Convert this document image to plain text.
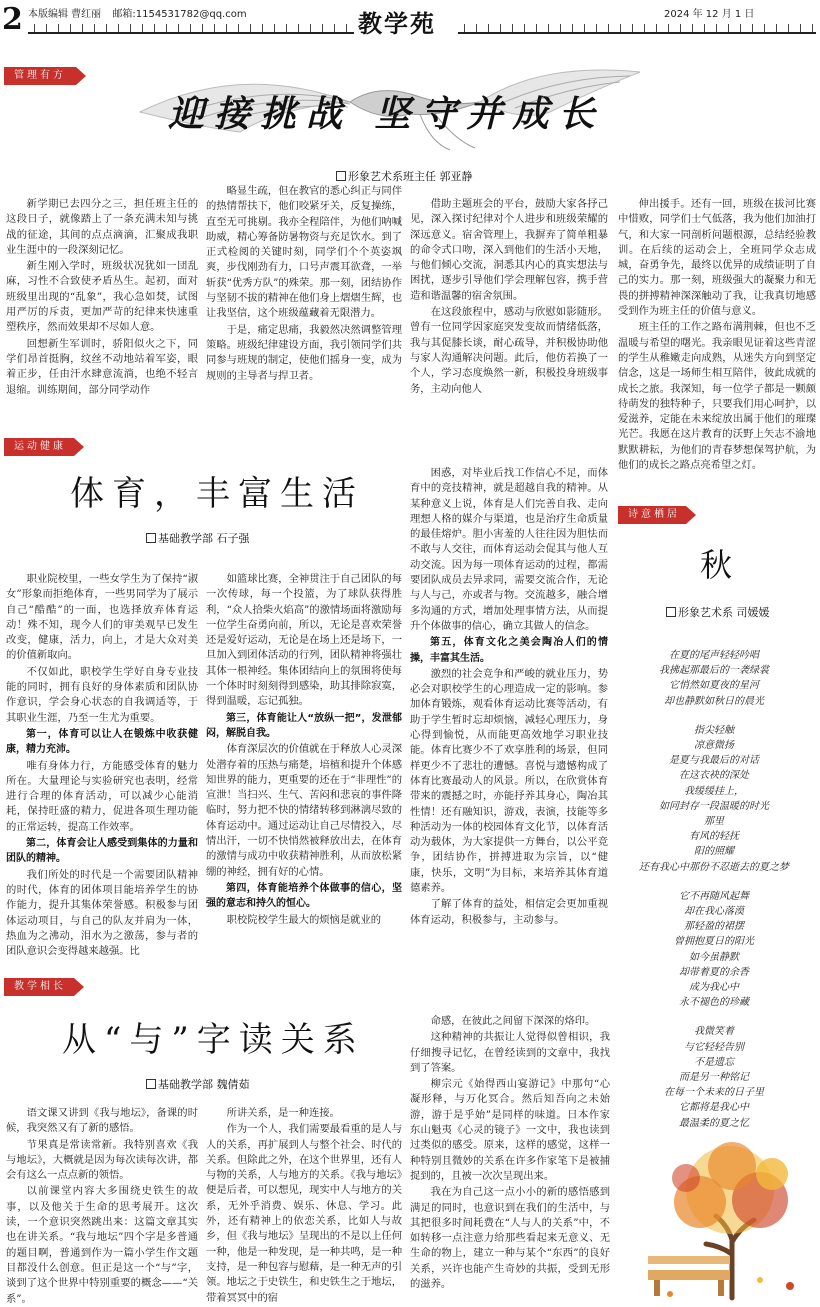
2 本版编辑 曹红丽 邮箱:1154531782@qq.com	教学苑	2024 年 12 月 1 日
管理有方
迎接挑战 坚守并成长
形象艺术系班主任 郭亚静

新学期已去四分之三，担任班主任的这段日子，就像踏上了一条充满未知与挑战的征途，其间的点点滴滴，汇聚成我职业生涯中的一段深刻记忆。

新生刚入学时，班级状况犹如一団乱麻，习性不合致使矛盾丛生。起初，面对班级里出现的“乱象”，我心急如焚，试图用严厉的斥责，更加严苛的纪律来快速重塑秩序，然而效果却不尽如人意。

回想新生军训时，骄阳似火之下，同学们昂首挺胸，纹丝不动地站着军姿，眼着正步，任由汗水肆意流淌，也绝不轻言退缩。训练期间，部分同学动作

略显生疏，但在教官的悉心纠正与同伴的热情帮扶下，他们咬紧牙关，反复操练，直至无可挑剔。我亦全程陪伴，为他们呐喊助威，精心筹备防暑物资与充足饮水。到了正式检阅的关键时刻，同学们个个英姿飒爽，步伐刚劲有力，口号声震耳欲聋，一举斩获“优秀方队”的殊荣。那一刻，团结协作与坚韧不拔的精神在他们身上熠熠生辉，也让我坚信，这个班级蕴藏着无限潜力。

于是，痛定思痛，我毅然决然调整管理策略。班级纪律建设方面，我引领同学们共同参与班规的制定，使他们摇身一变，成为规则的主导者与捍卫者。

借助主题班会的平台，鼓励大家各抒己见，深入探讨纪律对个人进步和班级荣耀的深远意义。宿舍管理上，我摒弃了简单粗暴的命令式口吻，深入到他们的生活小天地，与他们倾心交流，洞悉其内心的真实想法与困扰，逐步引导他们学会理解包容，携手营造和谐温馨的宿舍氛围。

在这段旅程中，感动与欣慰如影随形。曾有一位同学因家庭突发变故而情绪低落，我与其促膝长谈，耐心疏导，并积极协助他与家人沟通解决问题。此后，他仿若换了一个人，学习态度焕然一新，积极投身班级事务，主动向他人

伸出援手。还有一回，班级在拔河比赛中惜败，同学们士气低落，我为他们加油打气，和大家一同剖析问题根源，总结经验教训。在后续的运动会上，全班同学众志成城，奋勇争先，最终以优异的成绩证明了自己的实力。那一刻，班级强大的凝聚力和无畏的拼搏精神深深触动了我，让我真切地感受到作为班主任的价值与意义。

班主任的工作之路布满荆棘，但也不乏温暖与希望的曙光。我亲眼见证着这些青涩的学生从稚嫩走向成熟，从迷失方向到坚定信念，这是一场师生相互陪伴，彼此成就的成长之旅。我深知，每一位学子都是一颗颇待萌发的独特种子，只要我们用心呵护，以爱滋养，定能在未来绽放出属于他们的璀璨光芒。我愿在这片教育的沃野上矢志不渝地默默耕耘，为他们的青春梦想保驾护航，为他们的成长之路点亮希望之灯。

运动健康
体育，丰富生活
基础教学部 石子强

职业院校里，一些女学生为了保持“淑女”形象而拒绝体育，一些男同学为了展示自己“酷酷”的一面，也选择放弃体育运动！殊不知，现今人们的审美观早已发生改变，健康，活力，向上，才是大众对美的价值新取向。

不仅如此，职校学生学好自身专业技能的同时，拥有良好的身体素质和团队协作意识，学会身心状态的自我调适等，于其职业生涯，乃至一生尤为重要。

第一，体育可以让人在锻炼中收获健康，精力充沛。

唯有身体力行，方能感受体育的魅力所在。大量理论与实验研究也表明，经常进行合理的体育活动，可以减少心能消耗，保持旺盛的精力，促进各项生理功能的正常运转，提高工作效率。

第二，体育会让人感受到集体的力量和团队的精神。

我们所处的时代是一个需要团队精神的时代，体育的团体项目能培养学生的协作能力，提升其集体荣誉感。积极参与团体运动项目，与自己的队友并肩为一体，热血为之沸动，泪水为之激荡，参与者的团队意识会变得越来越强。比

如篮球比赛，全神贯注于自己团队的每一次传球，每一个投篮，为了球队获得胜利，“众人拾柴火焰高”的激情场面将激励每一位学生奋勇向前，所以，无论是喜欢荣誉还是爱好运动，无论是在场上还是场下，一旦加入到团体活动的行列，团队精神将强壮其体一根神经。集体团结向上的氛围将使每一个体时时刻刻得到感染，助其排除寂寞，得到温暖，忘记孤独。

第三，体育能让人“放纵一把”，发泄郁闷，解脱自我。

体育深层次的价值就在于释放人心灵深处潜存着的压热与痛楚，培植和提升个体感知世界的能力，更重要的还在于“非理性”的宣泄！当扫兴、生气、苦闷和悲哀的事件降临时，努力把不快的情绪转移到淋漓尽致的体育运动中。通过运动让自己尽情投入，尽情出汗，一切不快悄然被释放出去，在体育的激情与成功中收获精神胜利，从而放松紧绷的神经，拥有好的心情。

第四，体育能培养个体做事的信心，坚强的意志和持久的恒心。

职校院校学生最大的烦恼是就业的

困惑，对毕业后找工作信心不足，而体育中的竞技精神，就是超越自我的精神。从某种意义上说，体育是人们完善自我、走向理想人格的媒介与渠道，也是治疗生命质量的最佳熔炉。胆小害羞的人往往因为胆怯而不敢与人交往，而体育运动会促其与他人互动交流。因为每一项体育运动的过程，都需要团队成员去异求同，需要交流合作，无论与人与己，亦或者与物。交流越多，融合增多沟通的方式，增加处理事情方法，从而提升个体做事的信心，确立其做人的信念。

第五，体育文化之美会陶冶人们的情操，丰富其生活。

激烈的社会竞争和严峻的就业压力，势必会对职校学生的心理造成一定的影响。参加体育锻炼，观看体育运动比赛等活动，有助于学生暂时忘却烦恼，减轻心理压力，身心得到愉悦，从而能更高效地学习职业技能。体育比赛少不了欢享胜利的场景，但同样更少不了悲壮的遭憾。喜悦与遗憾构成了体育比赛最动人的风景。所以，在欣赏体育带来的震撼之时，亦能抒养其身心，陶冶其性情！还有融知识，游戏，表演，技能等多种活动为一体的校园体育文化节，以体育活动为载体，为大家提供一方舞台，以公平竞争，团结协作，拼搏进取为宗旨，以“健康，快乐，文明”为目标，来培养其体育道德素养。

了解了体育的益处，相信定会更加重视体育运动，积极参与，主动参与。

诗意栖居
秋
形象艺术系 司媛媛
在夏的尾声轻轻吟唱
我拂起那最后的一袭绿裳
它悄然如夏夜的星河
却也静默如秋日的晨光
指尖轻触
凉意微扬
是夏与我最后的对话
在这衣袂的深处
我缓缓挂上，
如同封存一段温暖的时光
那里
有风的轻抚
阳的照耀
还有我心中那份不忍逝去的夏之梦
它不再随风起舞
却在我心落漠
那轻盈的裙摆
曾拥抱夏日的阳光
如今虽静默
却带着夏的余香
成为我心中
永不褪色的珍藏
我微笑着
与它轻轻告别
不是遗忘
而是另一种铭记
在每一个未来的日子里
它都将是我心中
最温柔的夏之忆
教学相长
从“与”字读关系
基础教学部 魏倩茹

语文课又讲到《我与地坛》，备课的时候，我突然又有了新的感悟。

节果真是常读常新。我特别喜欢《我与地坛》，大概就是因为每次读每次讲，都会有这么一点点新的领悟。

以前课堂内容大多围绕史铁生的故事，以及他关于生命的思考展开。这次读，一个意识突然跳出来：这篇文章其实也在讲关系。“我与地坛”四个字是多普通的题目啊，普通到作为一篇小学生作文题目都没什么创意。但正是这一个“与”字，谈到了这个世界中特别重要的概念——“关系”。

所讲关系，是一种连接。

作为一个人，我们需要最看重的是人与人的关系，再扩展到人与整个社会、时代的关系。但除此之外，在这个世界里，还有人与物的关系，人与地方的关系。《我与地坛》便是后者，可以想见，现实中人与地方的关系，无外乎消费、娱乐、休息、学习。此外，还有精神上的依恋关系，比如人与故乡，但《我与地坛》呈现出的不是以上任何一种，他是一种发现，是一种共鸣，是一种支持，是一种包容与慰藉，是一种无声的引领。地坛之于史铁生，和史铁生之于地坛，带着冥冥中的宿

命感，在彼此之间留下深深的烙印。

这种精神的共振让人觉得似曾相识，我仔细搜寻记忆，在曾经读到的文章中，我找到了答案。

柳宗元《始得西山宴游记》中那句“心凝形释，与万化冥合。然后知吾向之未始游，游于是乎始”是同样的味道。日本作家东山魁夷《心灵的镜子》一文中，我也读到过类似的感受。原来，这样的感觉，这样一种特别且微妙的关系在许多作家笔下是被捕捉到的，且被一次次呈现出来。

我在为自己这一点小小的新的感悟感到满足的同时，也意识到在我们的生活中，与其把很多时间耗费在“人与人的关系”中，不如转移一点注意力给那些看起来无意义、无生命的物上，建立一种与某个“东西”的良好关系，兴许也能产生奇妙的共振，受到无形的滋养。
